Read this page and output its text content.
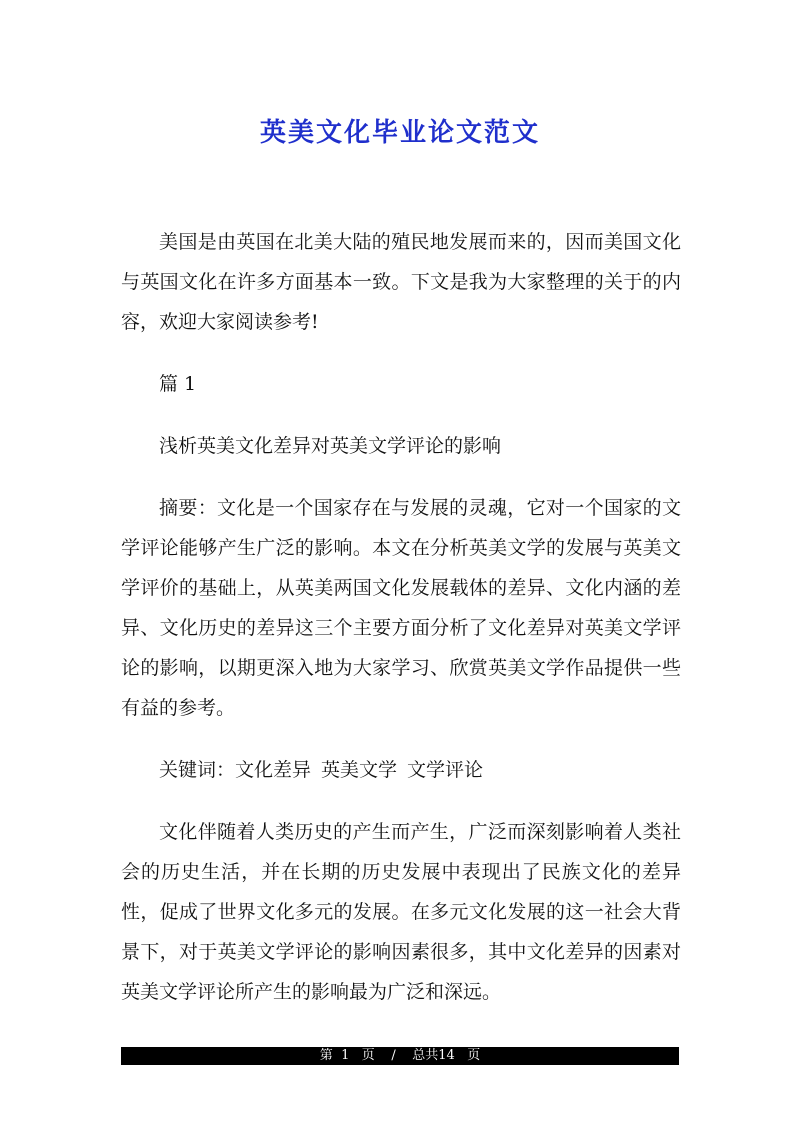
英美文化毕业论文范文

美国是由英国在北美大陆的殖民地发展而来的，因而美国文化与英国文化在许多方面基本一致。下文是我为大家整理的关于的内容，欢迎大家阅读参考!

篇 1

浅析英美文化差异对英美文学评论的影响

摘要：文化是一个国家存在与发展的灵魂，它对一个国家的文学评论能够产生广泛的影响。本文在分析英美文学的发展与英美文学评价的基础上，从英美两国文化发展载体的差异、文化内涵的差异、文化历史的差异这三个主要方面分析了文化差异对英美文学评论的影响，以期更深入地为大家学习、欣赏英美文学作品提供一些有益的参考。

关键词：文化差异 英美文学 文学评论

文化伴随着人类历史的产生而产生，广泛而深刻影响着人类社会的历史生活，并在长期的历史发展中表现出了民族文化的差异性，促成了世界文化多元的发展。在多元文化发展的这一社会大背景下，对于英美文学评论的影响因素很多，其中文化差异的因素对英美文学评论所产生的影响最为广泛和深远。

第 1 页 / 总共14 页
